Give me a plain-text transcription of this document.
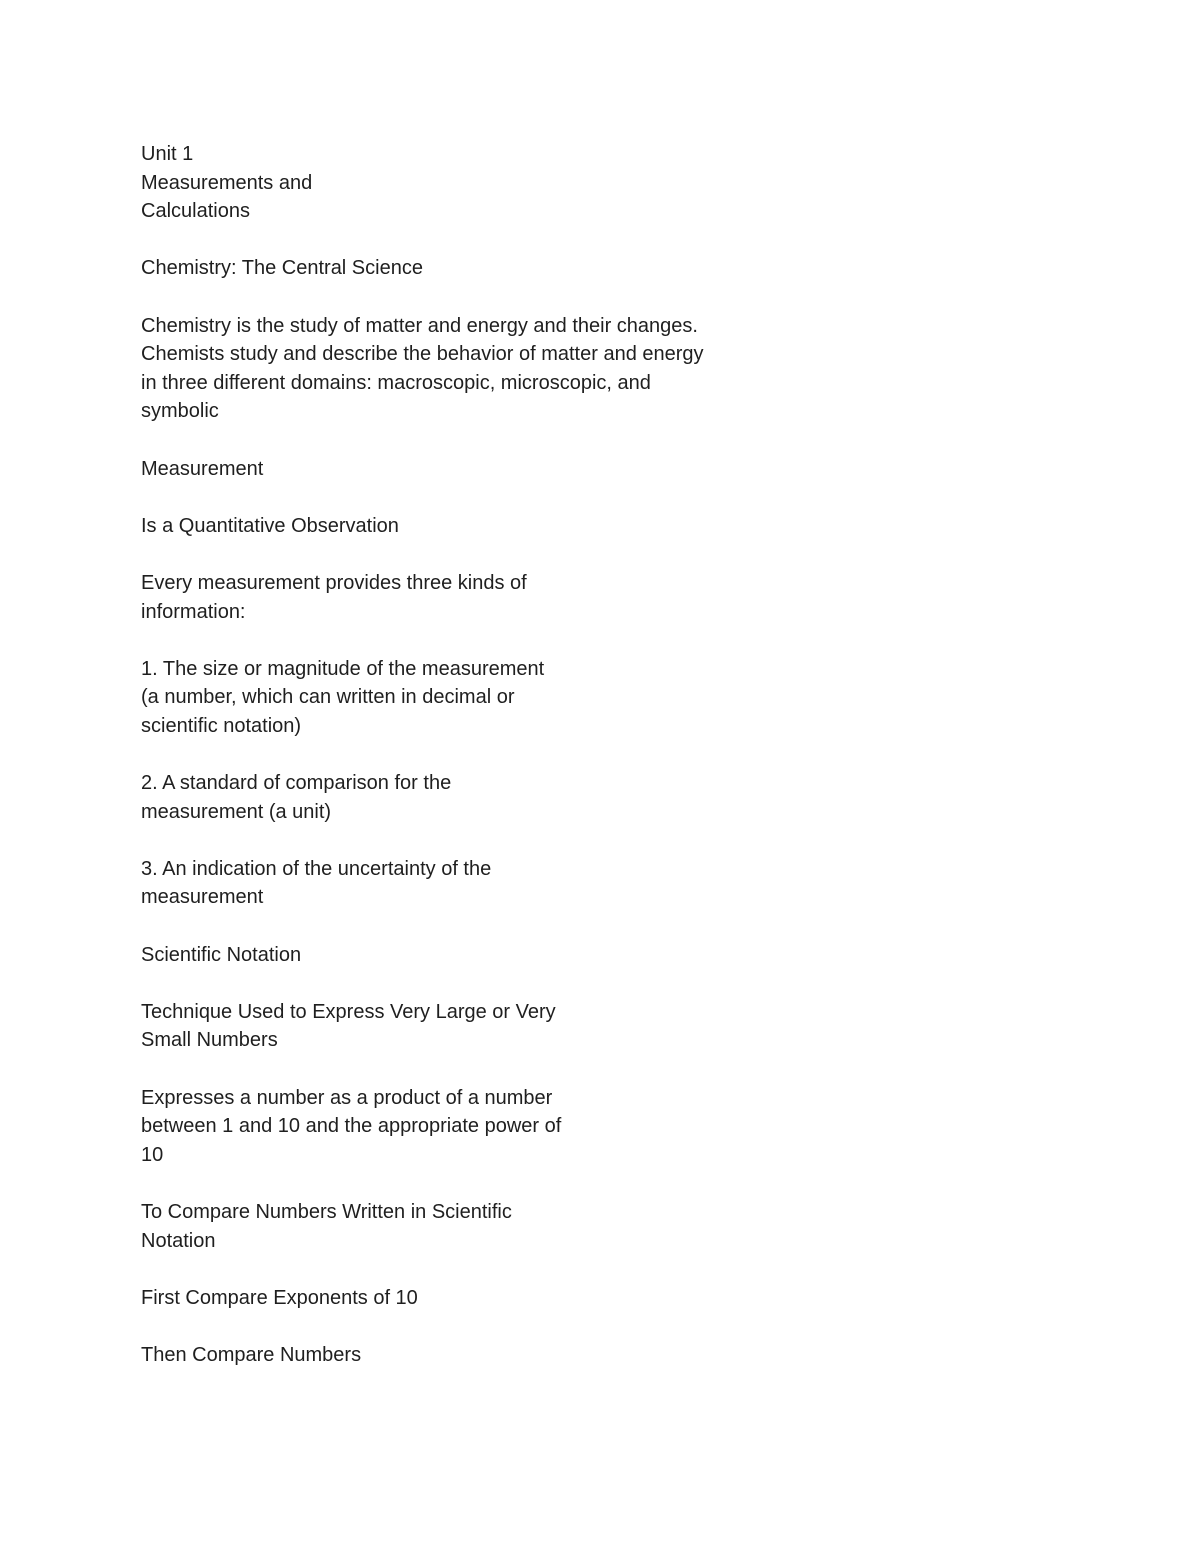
Unit 1
Measurements and
Calculations
Chemistry: The Central Science
Chemistry is the study of matter and energy and their changes.
Chemists study and describe the behavior of matter and energy
in three different domains: macroscopic, microscopic, and
symbolic
Measurement
Is a Quantitative Observation
Every measurement provides three kinds of
information:
1. The size or magnitude of the measurement
(a number, which can written in decimal or
scientific notation)
2. A standard of comparison for the
measurement (a unit)
3. An indication of the uncertainty of the
measurement
Scientific Notation
Technique Used to Express Very Large or Very
Small Numbers
Expresses a number as a product of a number
between 1 and 10 and the appropriate power of
10
To Compare Numbers Written in Scientific
Notation
First Compare Exponents of 10
Then Compare Numbers
